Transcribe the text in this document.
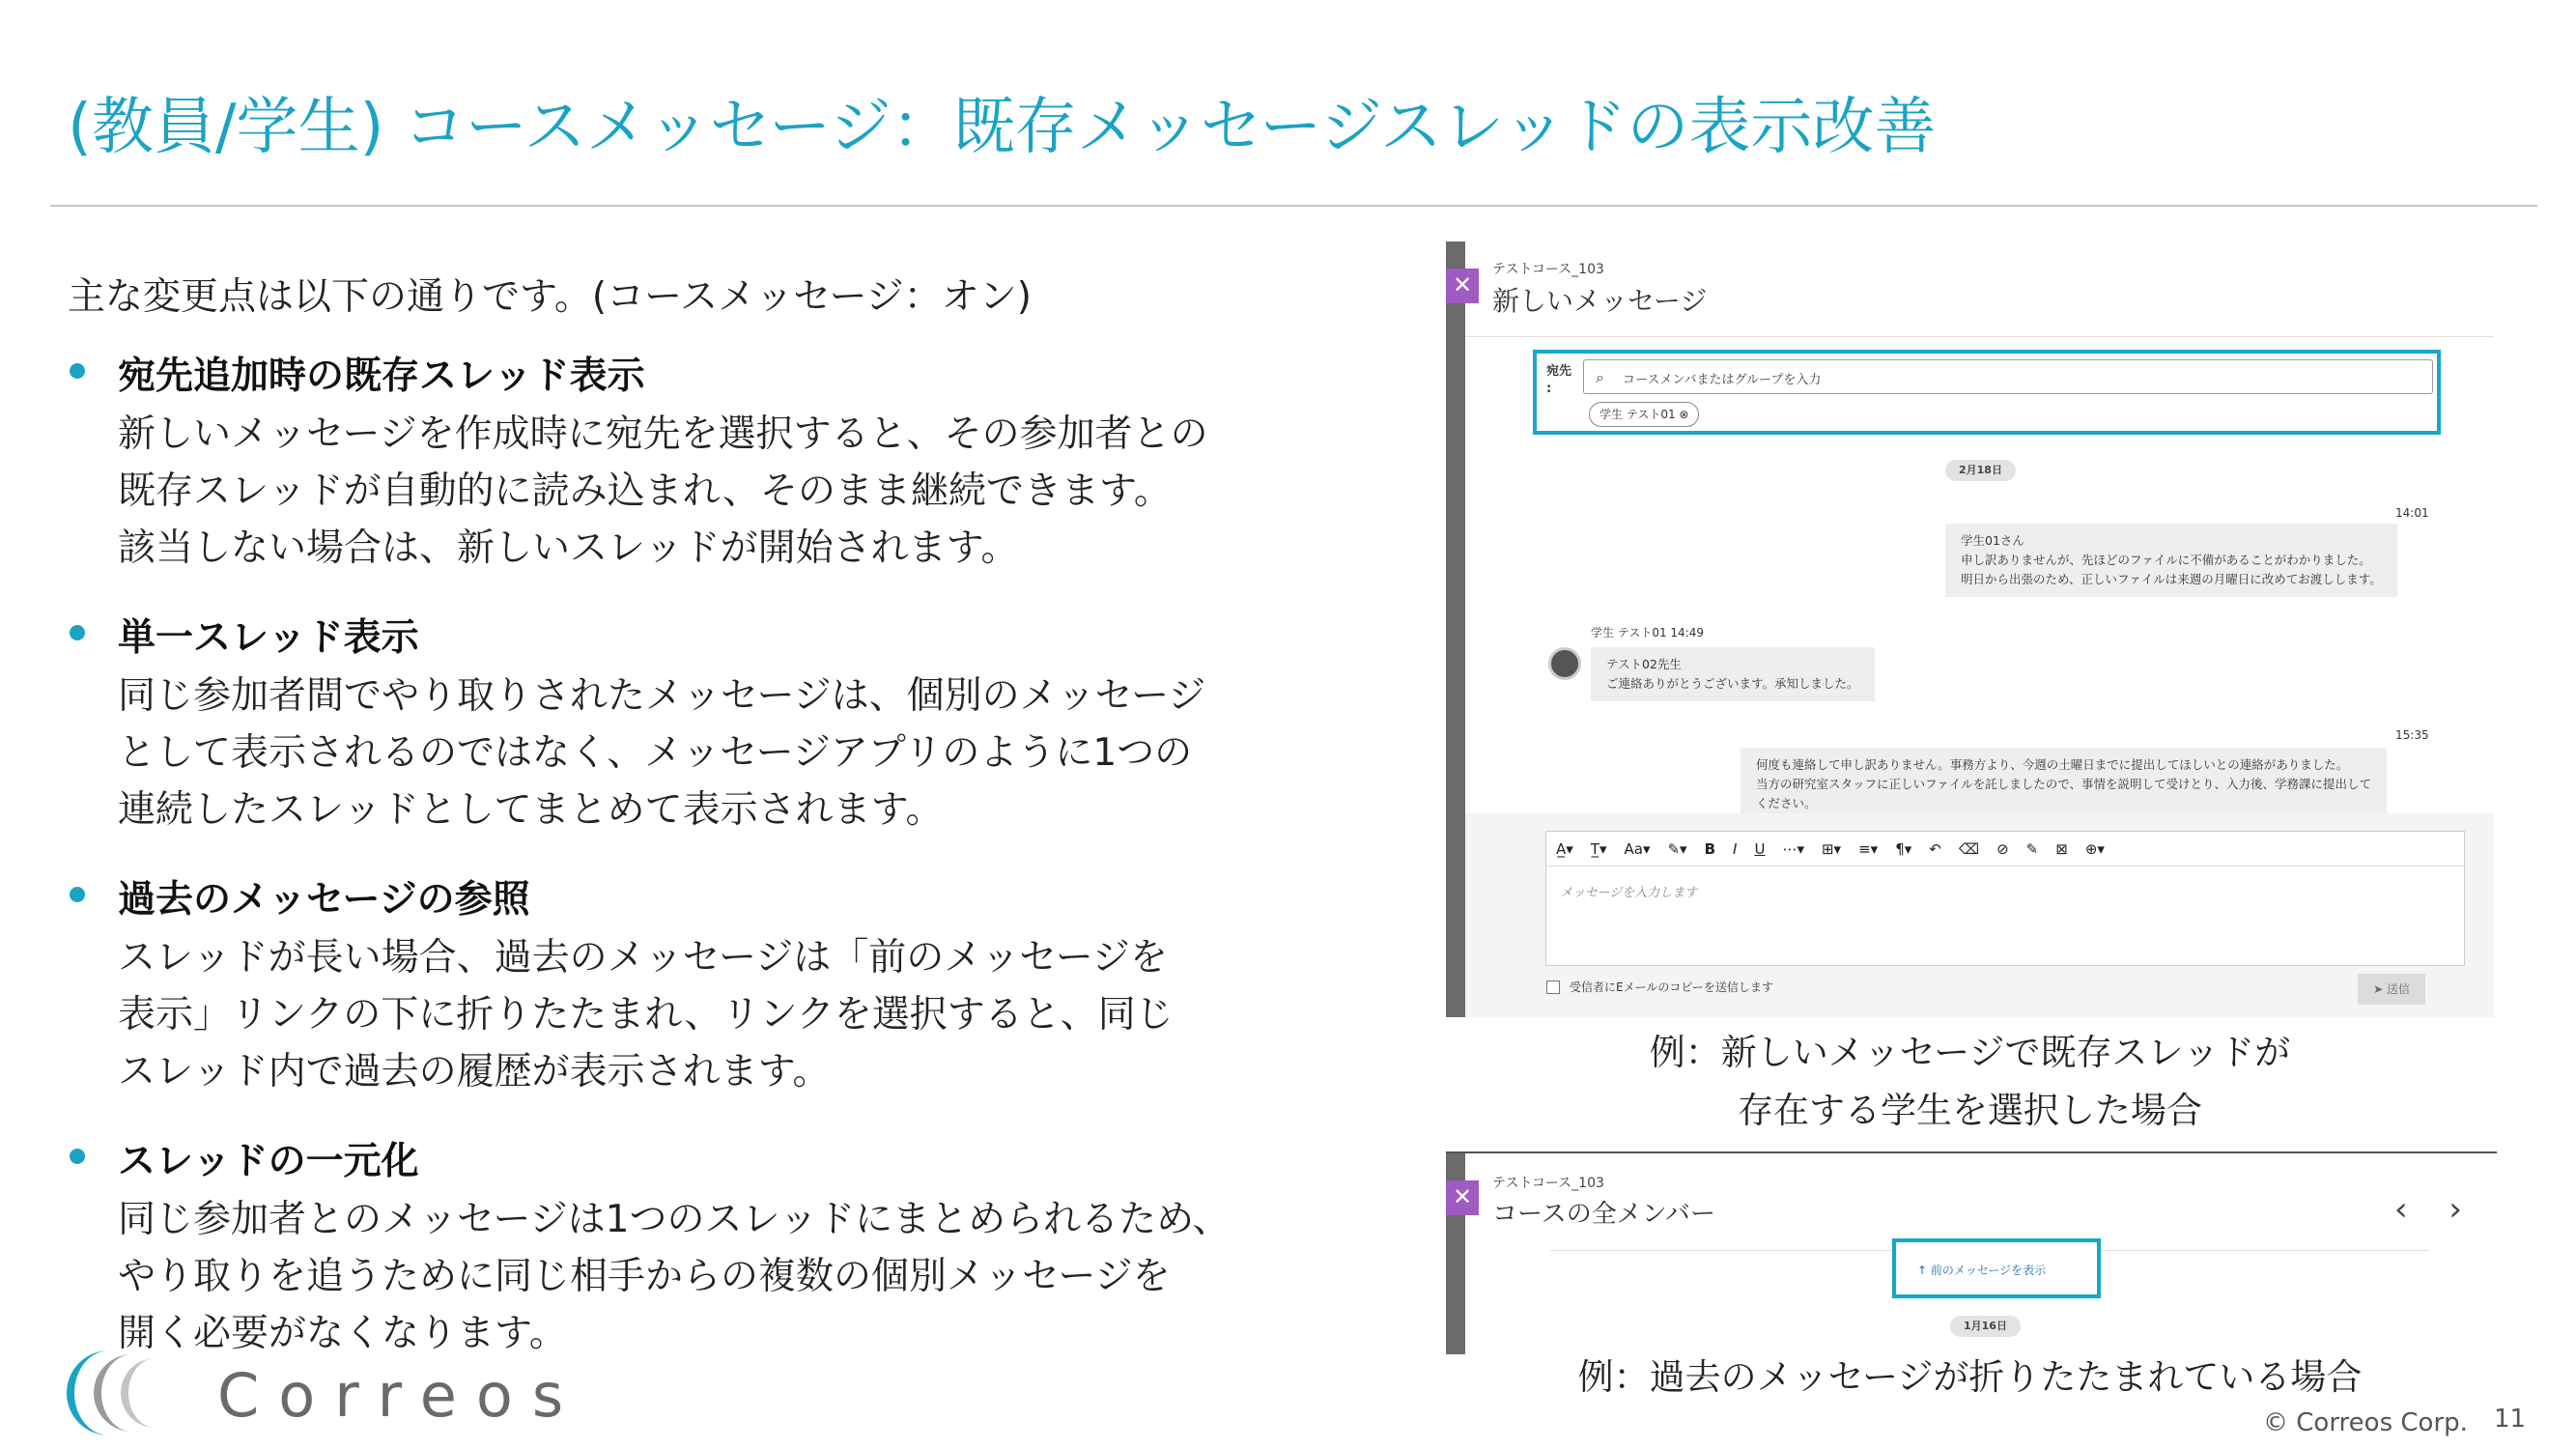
(教員/学生) コースメッセージ：既存メッセージスレッドの表示改善
主な変更点は以下の通りです。(コースメッセージ：オン)
宛先追加時の既存スレッド表示
新しいメッセージを作成時に宛先を選択すると、その参加者との
既存スレッドが自動的に読み込まれ、そのまま継続できます。
該当しない場合は、新しいスレッドが開始されます。
単一スレッド表示
同じ参加者間でやり取りされたメッセージは、個別のメッセージ
として表示されるのではなく、メッセージアプリのように1つの
連続したスレッドとしてまとめて表示されます。
過去のメッセージの参照
スレッドが長い場合、過去のメッセージは「前のメッセージを
表示」リンクの下に折りたたまれ、リンクを選択すると、同じ
スレッド内で過去の履歴が表示されます。
スレッドの一元化
同じ参加者とのメッセージは1つのスレッドにまとめられるため、
やり取りを追うために同じ相手からの複数の個別メッセージを
開く必要がなくなります。
✕
テストコース_103
新しいメッセージ
宛先
:
⌕ コースメンバまたはグループを入力
学生 テスト01 ⊗
2月18日
14:01
学生01さん
申し訳ありませんが、先ほどのファイルに不備があることがわかりました。
明日から出張のため、正しいファイルは来週の月曜日に改めてお渡しします。
学生 テスト01 14:49
テスト02先生
ご連絡ありがとうございます。承知しました。
15:35
何度も連絡して申し訳ありません。事務方より、今週の土曜日までに提出してほしいとの連絡がありました。
当方の研究室スタッフに正しいファイルを託しましたので、事情を説明して受けとり、入力後、学務課に提出して
ください。
A̲▾ T̲▾ Aa▾ ✎▾ B I U ⋯▾ ⊞▾ ≡▾ ¶▾ ↶ ⌫ ⊘ ✎ ⊠ ⊕▾
メッセージを入力します
受信者にEメールのコピーを送信します	➤ 送信
例：新しいメッセージで既存スレッドが
存在する学生を選択した場合
✕	テストコース_103
コースの全メンバー	‹ ›
↑ 前のメッセージを表示
1月16日
例：過去のメッセージが折りたたまれている場合
Correos	© Correos Corp. 11
